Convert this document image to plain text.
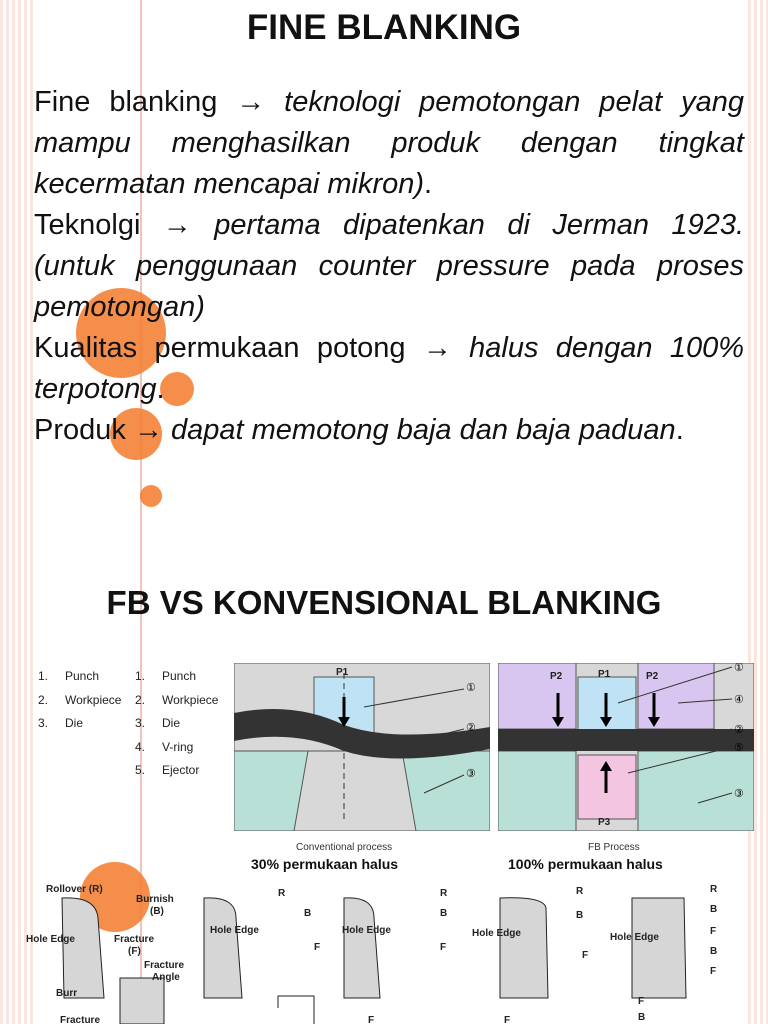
FINE BLANKING

Fine blanking → teknologi pemotongan pelat yang mampu menghasilkan produk dengan tingkat kecermatan mencapai mikron).

Teknolgi → pertama dipatenkan di Jerman 1923. (untuk penggunaan counter pressure pada proses pemotongan)

Kualitas permukaan potong → halus dengan 100% terpotong.

Produk → dapat memotong baja dan baja paduan.

FB VS KONVENSIONAL BLANKING
1. Punch
2. Workpiece
3. Die
1. Punch
2. Workpiece
3. Die
4. V-ring
5. Ejector
P1
①
②
③
Conventional process
30% permukaan halus
P2	P1	P2
P3
①
④
②
⑤
③
FB Process
100% permukaan halus
Rollover (R)
Burnish
(B)
Hole Edge	Fracture
(F)
Fracture
Angle
Burr
Fracture
Hole Edge
R
B
F
Hole Edge
R
B
F
F
Hole Edge
R
B
F
F
Hole Edge
R
B
F
B
F
F
B
